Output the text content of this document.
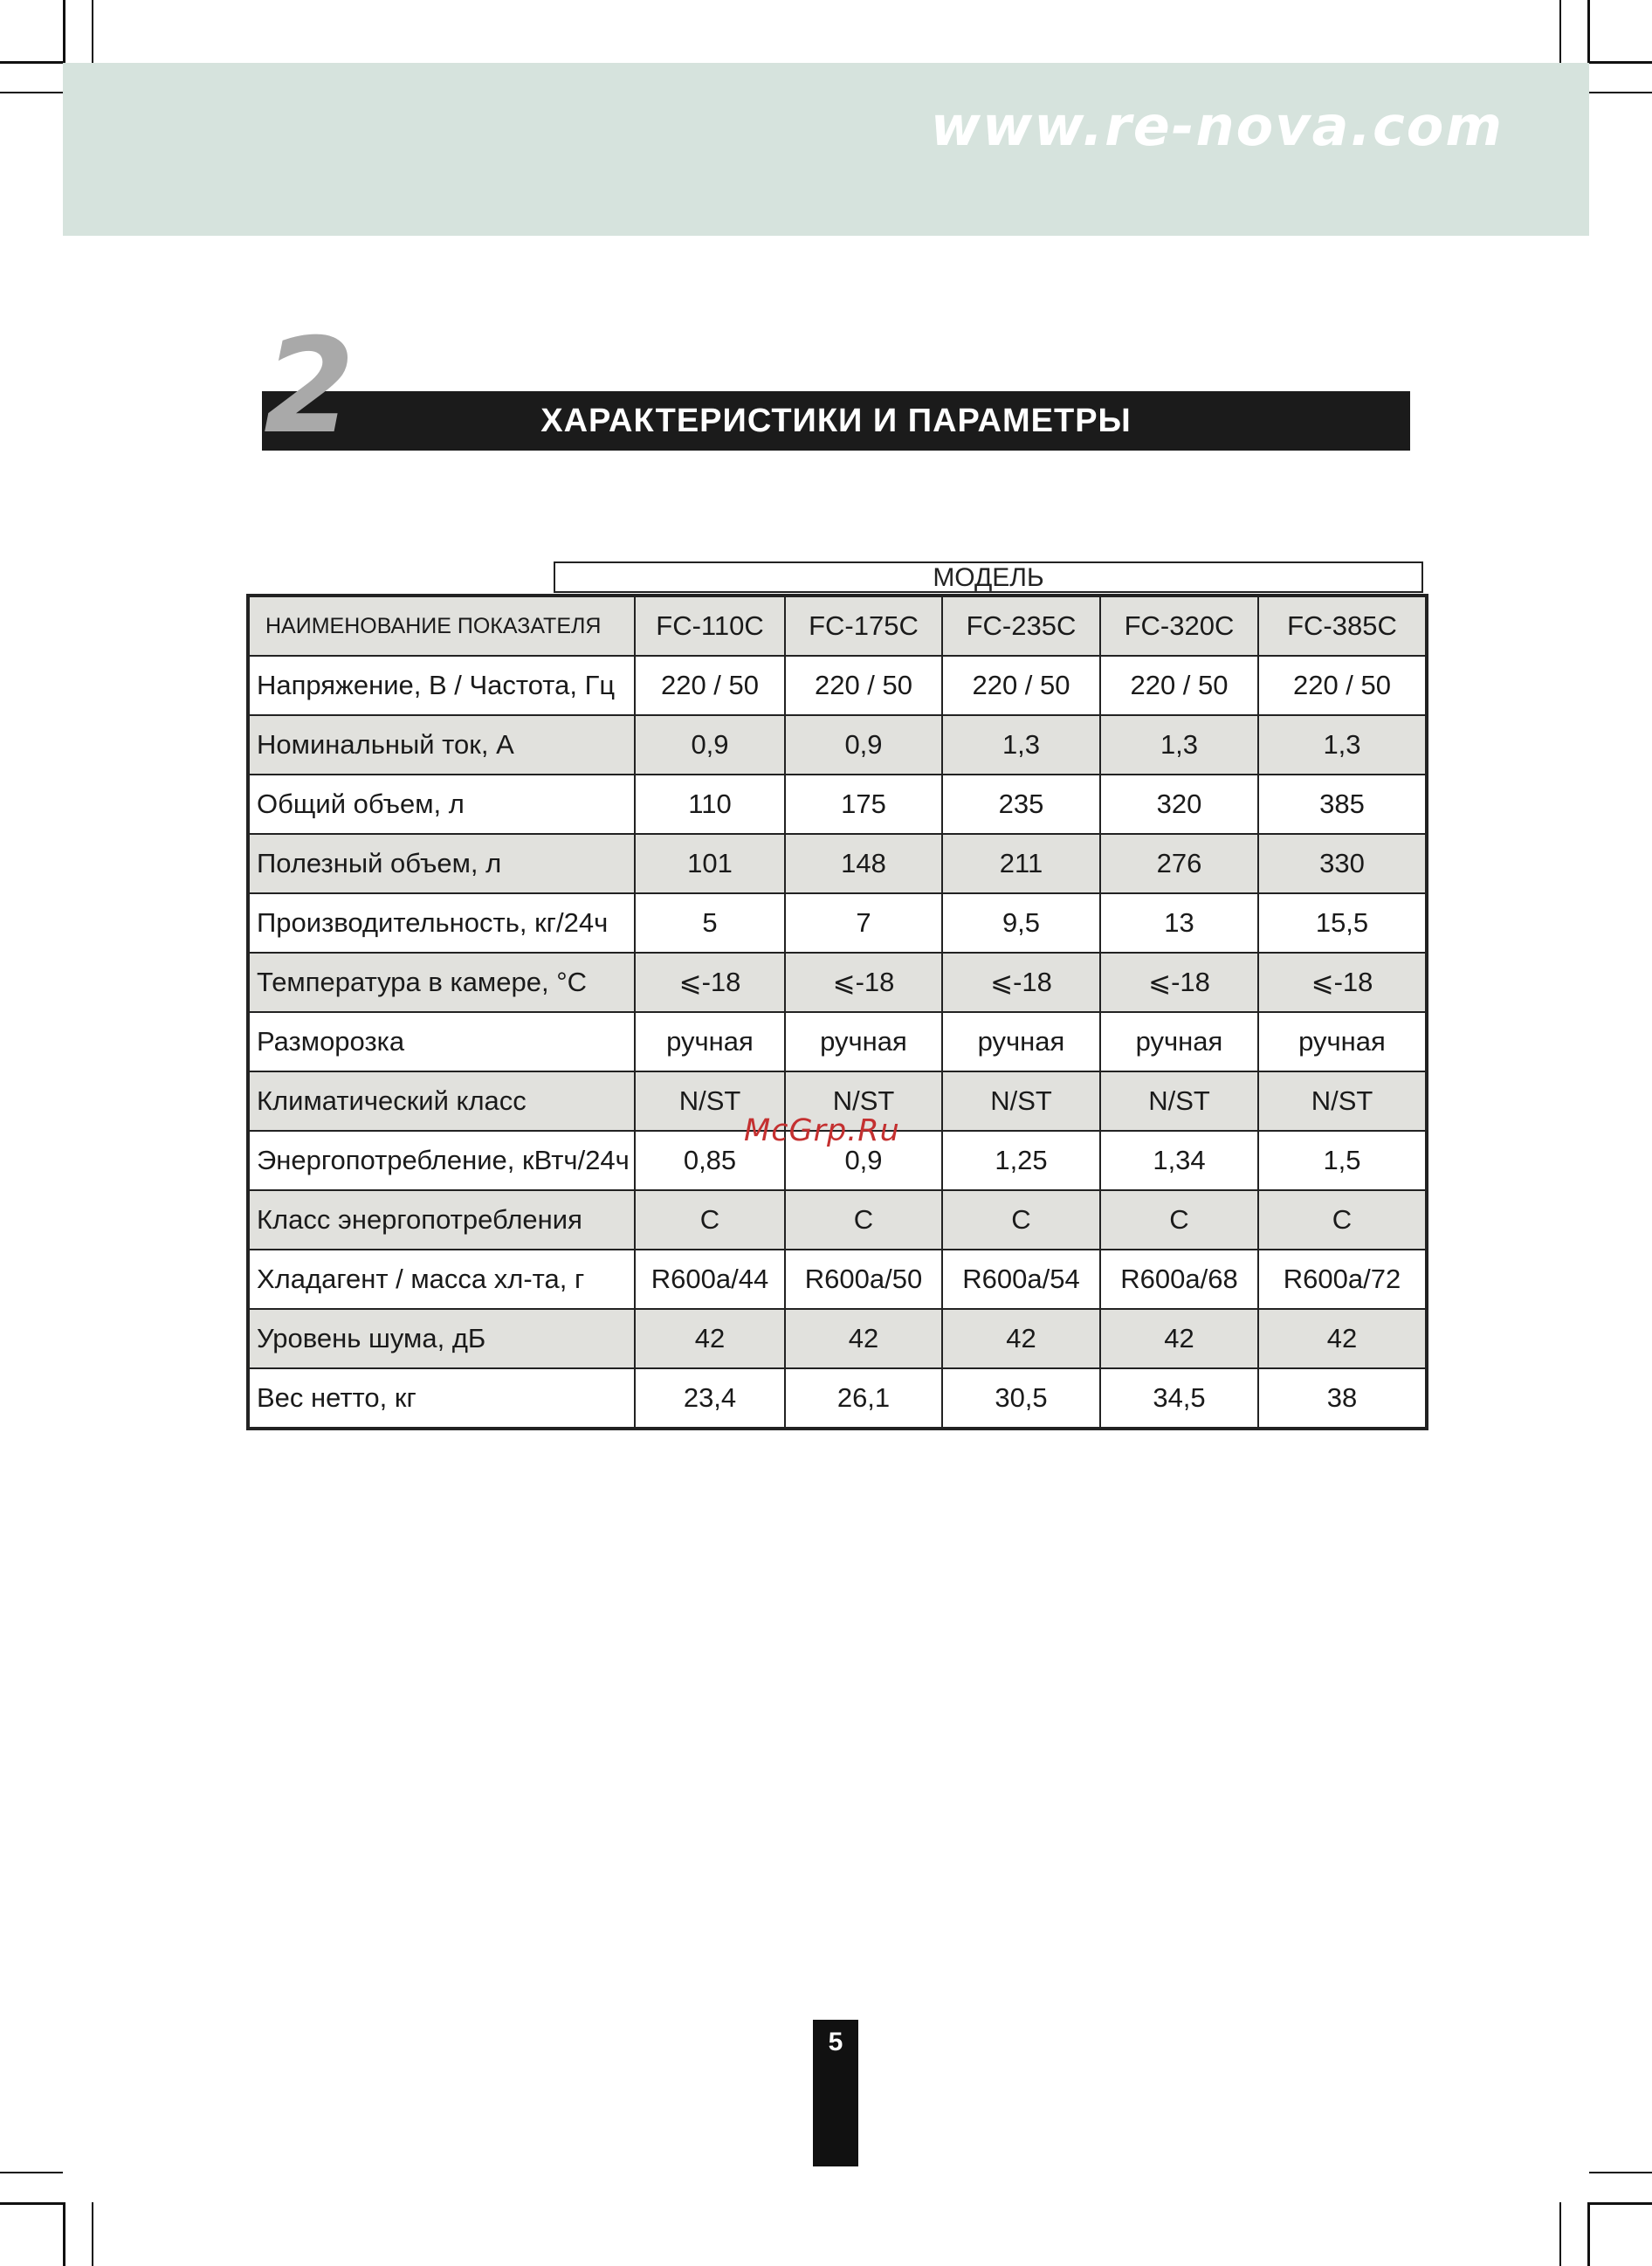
www.re-nova.com
2	ХАРАКТЕРИСТИКИ И ПАРАМЕТРЫ
МОДЕЛЬ
НАИМЕНОВАНИЕ ПОКАЗАТЕЛЯ	FC-110C	FC-175C	FC-235C	FC-320C	FC-385C
Напряжение, В / Частота, Гц	220 / 50	220 / 50	220 / 50	220 / 50	220 / 50
Номинальный ток, А	0,9	0,9	1,3	1,3	1,3
Общий объем, л	110	175	235	320	385
Полезный объем, л	101	148	211	276	330
Производительность, кг/24ч	5	7	9,5	13	15,5
Температура в камере, °С	⩽-18	⩽-18	⩽-18	⩽-18	⩽-18
Разморозка	ручная	ручная	ручная	ручная	ручная
Климатический класс	N/ST	N/ST	N/ST	N/ST	N/ST
Энергопотребление, кВтч/24ч	0,85	0,9	1,25	1,34	1,5
Класс энергопотребления	C	C	C	C	C
Хладагент / масса хл-та, г	R600a/44	R600a/50	R600a/54	R600a/68	R600a/72
Уровень шума, дБ	42	42	42	42	42
Вес нетто, кг	23,4	26,1	30,5	34,5	38
McGrp.Ru
5
